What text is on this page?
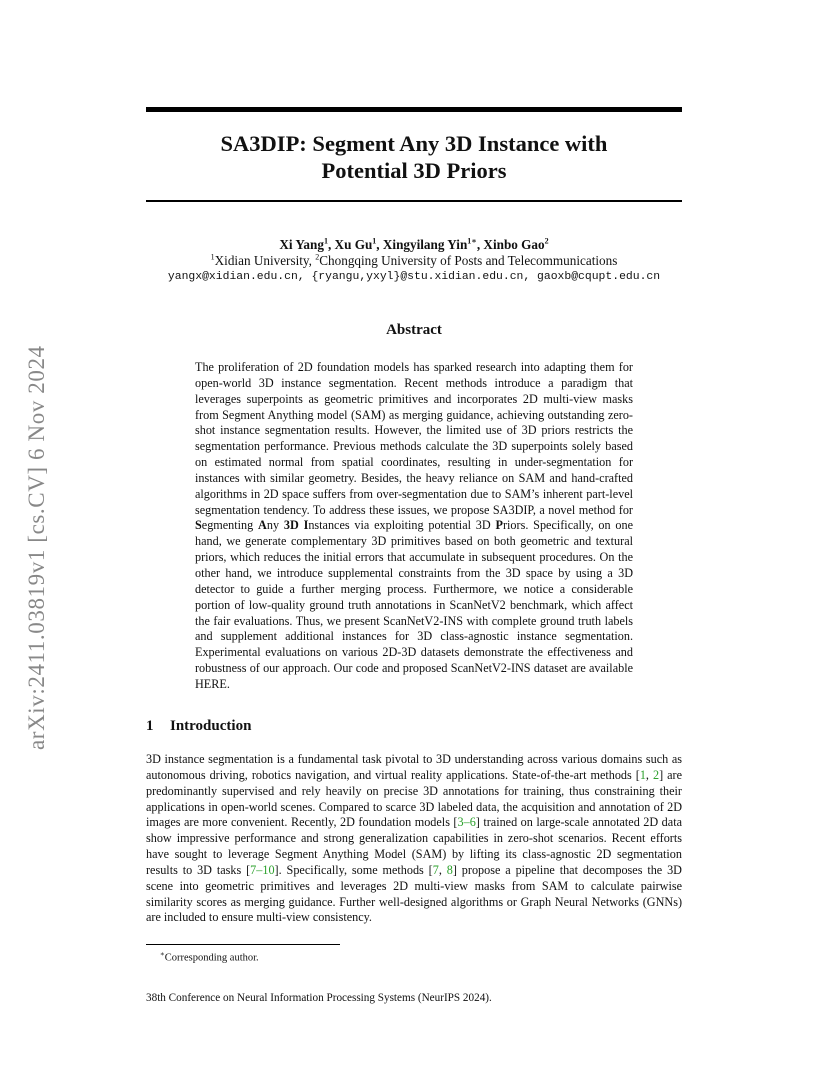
arXiv:2411.03819v1 [cs.CV] 6 Nov 2024
SA3DIP: Segment Any 3D Instance with
Potential 3D Priors
Xi Yang$^1$, Xu Gu$^1$, Xingyilang Yin$^{1∗}$, Xinbo Gao$^2$
$^1$Xidian University, $^2$Chongqing University of Posts and Telecommunications
yangx@xidian.edu.cn, {ryangu,yxyl}@stu.xidian.edu.cn, gaoxb@cqupt.edu.cn
Abstract

The proliferation of 2D foundation models has sparked research into adapting them for open-world 3D instance segmentation. Recent methods introduce a paradigm that leverages superpoints as geometric primitives and incorporates 2D multi-view masks from Segment Anything model (SAM) as merging guidance, achieving outstanding zero-shot instance segmentation results. However, the limited use of 3D priors restricts the segmentation performance. Previous methods calculate the 3D superpoints solely based on estimated normal from spatial coordinates, resulting in under-segmentation for instances with similar geometry. Besides, the heavy reliance on SAM and hand-crafted algorithms in 2D space suffers from over-segmentation due to SAM’s inherent part-level segmentation tendency. To address these issues, we propose SA3DIP, a novel method for Segmenting Any 3D Instances via exploiting potential 3D Priors. Specifically, on one hand, we generate complementary 3D primitives based on both geometric and textural priors, which reduces the initial errors that accumulate in subsequent procedures. On the other hand, we introduce supplemental constraints from the 3D space by using a 3D detector to guide a further merging process. Furthermore, we notice a considerable portion of low-quality ground truth annotations in ScanNetV2 benchmark, which affect the fair evaluations. Thus, we present ScanNetV2-INS with complete ground truth labels and supplement additional instances for 3D class-agnostic instance segmentation. Experimental evaluations on various 2D-3D datasets demonstrate the effectiveness and robustness of our approach. Our code and proposed ScanNetV2-INS dataset are available HERE.

1 Introduction

3D instance segmentation is a fundamental task pivotal to 3D understanding across various domains such as autonomous driving, robotics navigation, and virtual reality applications. State-of-the-art methods [1, 2] are predominantly supervised and rely heavily on precise 3D annotations for training, thus constraining their applications in open-world scenes. Compared to scarce 3D labeled data, the acquisition and annotation of 2D images are more convenient. Recently, 2D foundation models [3–6] trained on large-scale annotated 2D data show impressive performance and strong generalization capabilities in zero-shot scenarios. Recent efforts have sought to leverage Segment Anything Model (SAM) by lifting its class-agnostic 2D segmentation results to 3D tasks [7–10]. Specifically, some methods [7, 8] propose a pipeline that decomposes the 3D scene into geometric primitives and leverages 2D multi-view masks from SAM to calculate pairwise similarity scores as merging guidance. Further well-designed algorithms or Graph Neural Networks (GNNs) are included to ensure multi-view consistency.

∗Corresponding author.

38th Conference on Neural Information Processing Systems (NeurIPS 2024).
